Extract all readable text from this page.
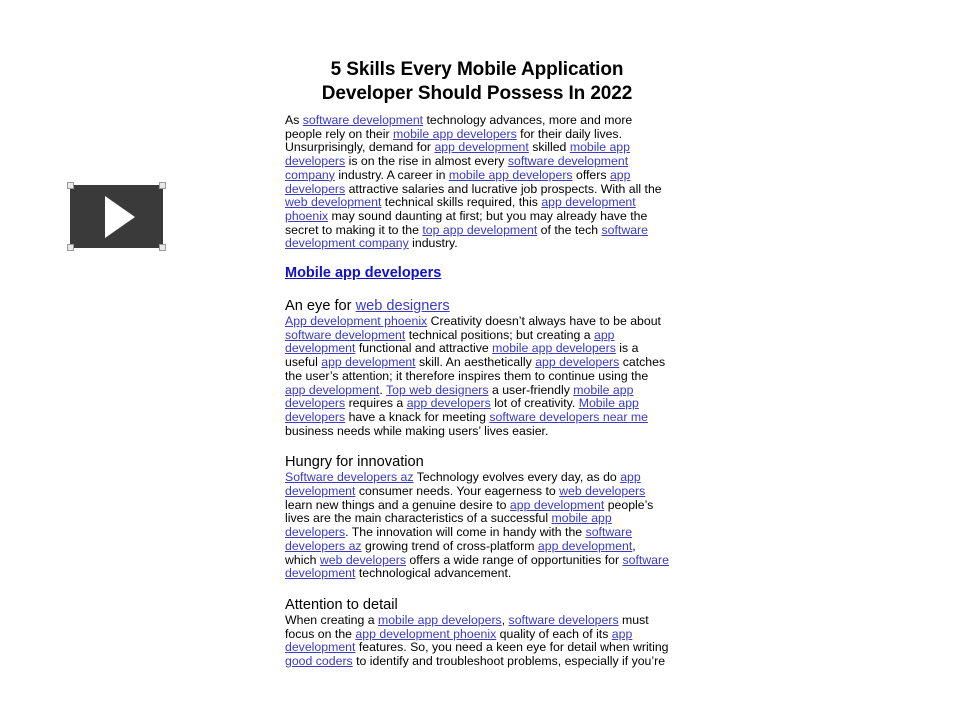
5 Skills Every Mobile Application Developer Should Possess In 2022

As software development technology advances, more and more people rely on their mobile app developers for their daily lives. Unsurprisingly, demand for app development skilled mobile app developers is on the rise in almost every software development company industry. A career in mobile app developers offers app developers attractive salaries and lucrative job prospects. With all the web development technical skills required, this app development phoenix may sound daunting at first; but you may already have the secret to making it to the top app development of the tech software development company industry.

Mobile app developers
An eye for web designers

App development phoenix Creativity doesn’t always have to be about software development technical positions; but creating a app development functional and attractive mobile app developers is a useful app development skill. An aesthetically app developers catches the user’s attention; it therefore inspires them to continue using the app development. Top web designers a user-friendly mobile app developers requires a app developers lot of creativity. Mobile app developers have a knack for meeting software developers near me business needs while making users’ lives easier.

Hungry for innovation

Software developers az Technology evolves every day, as do app development consumer needs. Your eagerness to web developers learn new things and a genuine desire to app development people’s lives are the main characteristics of a successful mobile app developers. The innovation will come in handy with the software developers az growing trend of cross-platform app development, which web developers offers a wide range of opportunities for software development technological advancement.

Attention to detail

When creating a mobile app developers, software developers must focus on the app development phoenix quality of each of its app development features. So, you need a keen eye for detail when writing good coders to identify and troubleshoot problems, especially if you’re
